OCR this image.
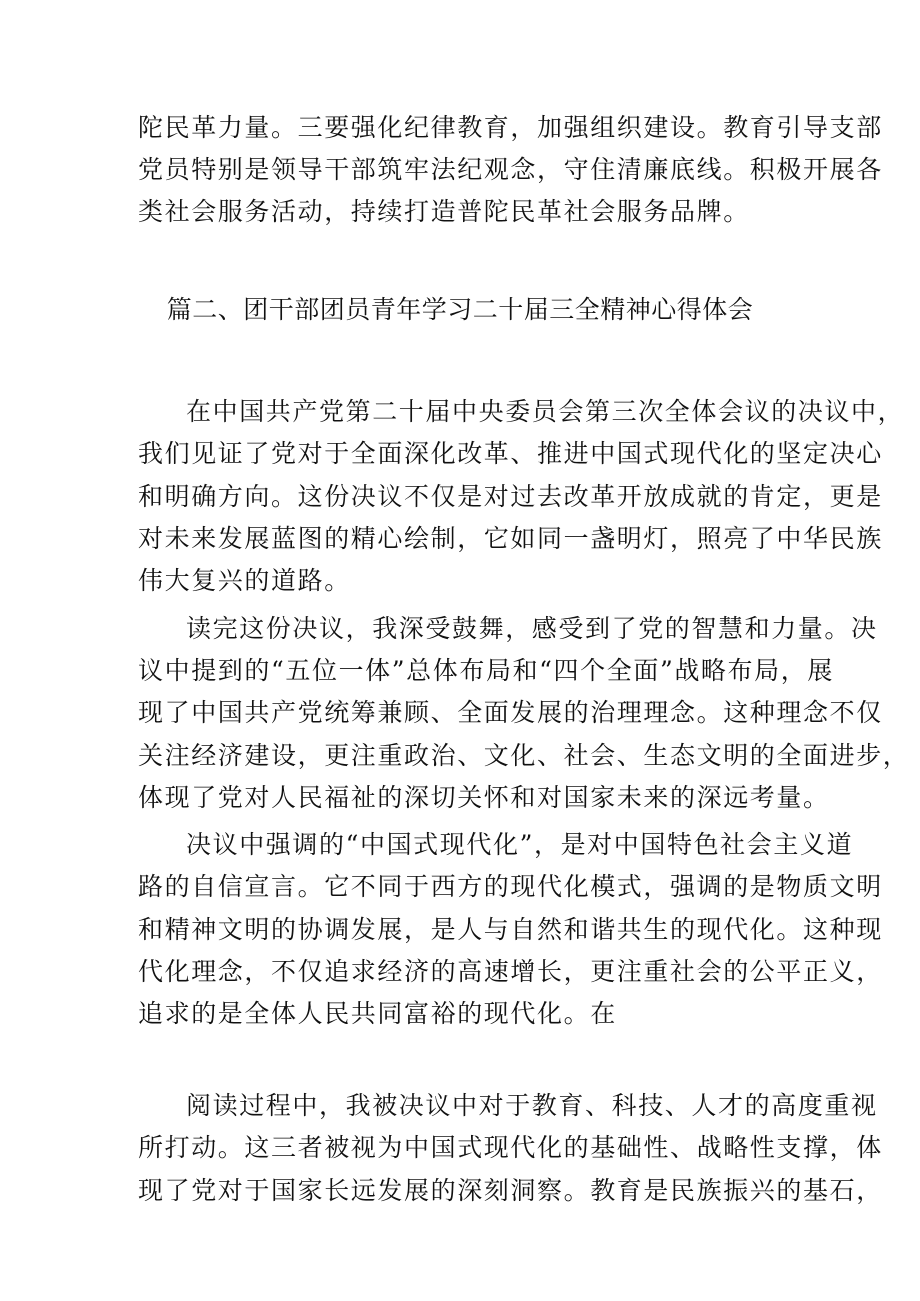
陀民革力量。三要强化纪律教育，加强组织建设。教育引导支部
党员特别是领导干部筑牢法纪观念，守住清廉底线。积极开展各
类社会服务活动，持续打造普陀民革社会服务品牌。
篇二、团干部团员青年学习二十届三全精神心得体会
在中国共产党第二十届中央委员会第三次全体会议的决议中，
我们见证了党对于全面深化改革、推进中国式现代化的坚定决心
和明确方向。这份决议不仅是对过去改革开放成就的肯定，更是
对未来发展蓝图的精心绘制，它如同一盏明灯，照亮了中华民族
伟大复兴的道路。
读完这份决议，我深受鼓舞，感受到了党的智慧和力量。决
议中提到的“五位一体”总体布局和“四个全面”战略布局，展
现了中国共产党统筹兼顾、全面发展的治理理念。这种理念不仅
关注经济建设，更注重政治、文化、社会、生态文明的全面进步，
体现了党对人民福祉的深切关怀和对国家未来的深远考量。
决议中强调的“中国式现代化”，是对中国特色社会主义道
路的自信宣言。它不同于西方的现代化模式，强调的是物质文明
和精神文明的协调发展，是人与自然和谐共生的现代化。这种现
代化理念，不仅追求经济的高速增长，更注重社会的公平正义，
追求的是全体人民共同富裕的现代化。在
阅读过程中，我被决议中对于教育、科技、人才的高度重视
所打动。这三者被视为中国式现代化的基础性、战略性支撑，体
现了党对于国家长远发展的深刻洞察。教育是民族振兴的基石，
